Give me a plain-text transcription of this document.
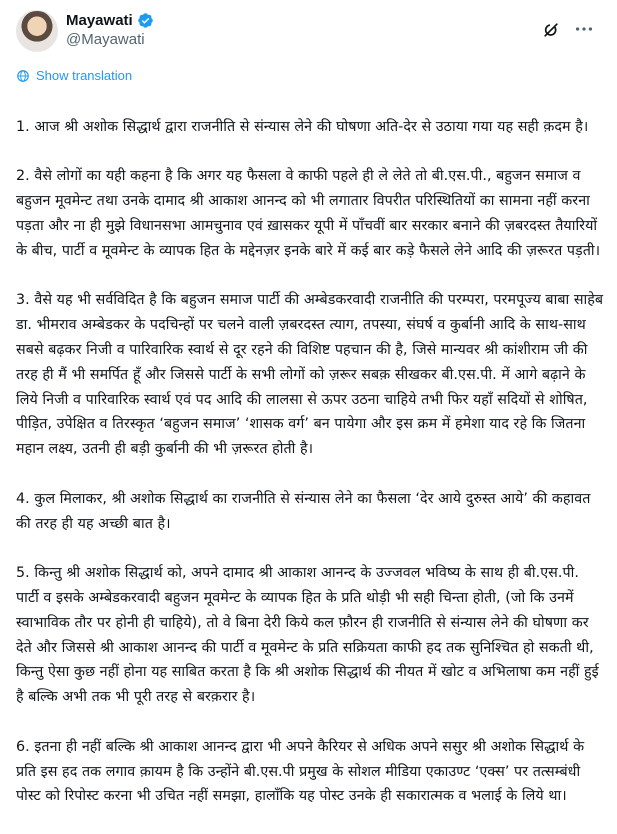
Mayawati
@Mayawati
Show translation

1. आज श्री अशोक सिद्धार्थ द्वारा राजनीति से संन्यास लेने की घोषणा अति-देर से उठाया गया यह सही क़दम है।

2. वैसे लोगों का यही कहना है कि अगर यह फैसला वे काफी पहले ही ले लेते तो बी.एस.पी., बहुजन समाज व बहुजन मूवमेन्ट तथा उनके दामाद श्री आकाश आनन्द को भी लगातार विपरीत परिस्थितियों का सामना नहीं करना पड़ता और ना ही मुझे विधानसभा आमचुनाव एवं ख़ासकर यूपी में पाँचवीं बार सरकार बनाने की ज़बरदस्त तैयारियों के बीच, पार्टी व मूवमेन्ट के व्यापक हित के मद्देनज़र इनके बारे में कई बार कड़े फैसले लेने आदि की ज़रूरत पड़ती।

3. वैसे यह भी सर्वविदित है कि बहुजन समाज पार्टी की अम्बेडकरवादी राजनीति की परम्परा, परमपूज्य बाबा साहेब डा. भीमराव अम्बेडकर के पदचिन्हों पर चलने वाली ज़बरदस्त त्याग, तपस्या, संघर्ष व कुर्बानी आदि के साथ-साथ सबसे बढ़कर निजी व पारिवारिक स्वार्थ से दूर रहने की विशिष्ट पहचान की है, जिसे मान्यवर श्री कांशीराम जी की तरह ही मैं भी समर्पित हूँ और जिससे पार्टी के सभी लोगों को ज़रूर सबक़ सीखकर बी.एस.पी. में आगे बढ़ाने के लिये निजी व पारिवारिक स्वार्थ एवं पद आदि की लालसा से ऊपर उठना चाहिये तभी फिर यहाँ सदियों से शोषित, पीड़ित, उपेक्षित व तिरस्कृत ‘बहुजन समाज’ ‘शासक वर्ग’ बन पायेगा और इस क्रम में हमेशा याद रहे कि जितना महान लक्ष्य, उतनी ही बड़ी कुर्बानी की भी ज़रूरत होती है।

4. कुल मिलाकर, श्री अशोक सिद्धार्थ का राजनीति से संन्यास लेने का फैसला ‘देर आये दुरुस्त आये’ की कहावत की तरह ही यह अच्छी बात है।

5. किन्तु श्री अशोक सिद्धार्थ को, अपने दामाद श्री आकाश आनन्द के उज्जवल भविष्य के साथ ही बी.एस.पी. पार्टी व इसके अम्बेडकरवादी बहुजन मूवमेन्ट के व्यापक हित के प्रति थोड़ी भी सही चिन्ता होती, (जो कि उनमें स्वाभाविक तौर पर होनी ही चाहिये), तो वे बिना देरी किये कल फ़ौरन ही राजनीति से संन्यास लेने की घोषणा कर देते और जिससे श्री आकाश आनन्द की पार्टी व मूवमेन्ट के प्रति सक्रियता काफी हद तक सुनिश्चित हो सकती थी, किन्तु ऐसा कुछ नहीं होना यह साबित करता है कि श्री अशोक सिद्धार्थ की नीयत में खोट व अभिलाषा कम नहीं हुई है बल्कि अभी तक भी पूरी तरह से बरक़रार है।

6. इतना ही नहीं बल्कि श्री आकाश आनन्द द्वारा भी अपने कैरियर से अधिक अपने ससुर श्री अशोक सिद्धार्थ के प्रति इस हद तक लगाव क़ायम है कि उन्होंने बी.एस.पी प्रमुख के सोशल मीडिया एकाउण्ट ‘एक्स’ पर तत्सम्बंधी पोस्ट को रिपोस्ट करना भी उचित नहीं समझा, हालाँकि यह पोस्ट उनके ही सकारात्मक व भलाई के लिये था।
